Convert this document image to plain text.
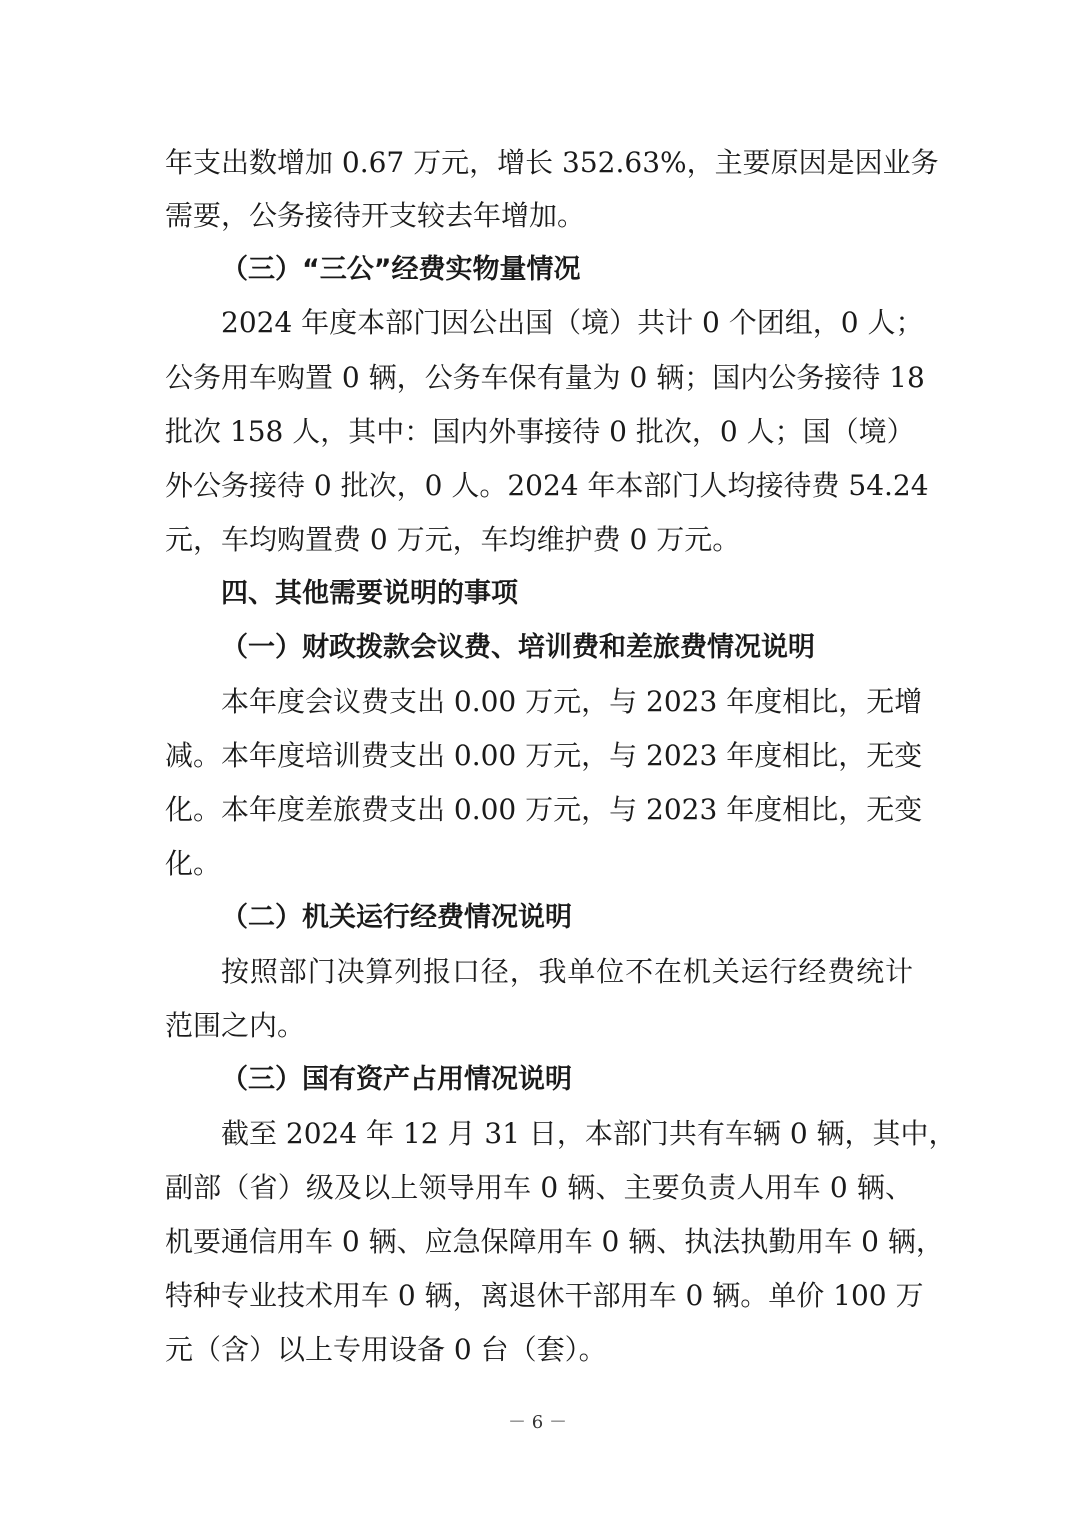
年支出数增加 0.67 万元，增长 352.63%，主要原因是因业务

需要，公务接待开支较去年增加。

（三）“三公”经费实物量情况

2024 年度本部门因公出国（境）共计 0 个团组，0 人；

公务用车购置 0 辆，公务车保有量为 0 辆；国内公务接待 18

批次 158 人，其中：国内外事接待 0 批次，0 人；国（境）

外公务接待 0 批次，0 人。2024 年本部门人均接待费 54.24

元，车均购置费 0 万元，车均维护费 0 万元。

四、其他需要说明的事项

（一）财政拨款会议费、培训费和差旅费情况说明

本年度会议费支出 0.00 万元，与 2023 年度相比，无增

减。本年度培训费支出 0.00 万元，与 2023 年度相比，无变

化。本年度差旅费支出 0.00 万元，与 2023 年度相比，无变

化。

（二）机关运行经费情况说明

按照部门决算列报口径，我单位不在机关运行经费统计

范围之内。

（三）国有资产占用情况说明

截至 2024 年 12 月 31 日，本部门共有车辆 0 辆，其中，

副部（省）级及以上领导用车 0 辆、主要负责人用车 0 辆、

机要通信用车 0 辆、应急保障用车 0 辆、执法执勤用车 0 辆，

特种专业技术用车 0 辆，离退休干部用车 0 辆。单价 100 万

元（含）以上专用设备 0 台（套）。

－ 6 －
